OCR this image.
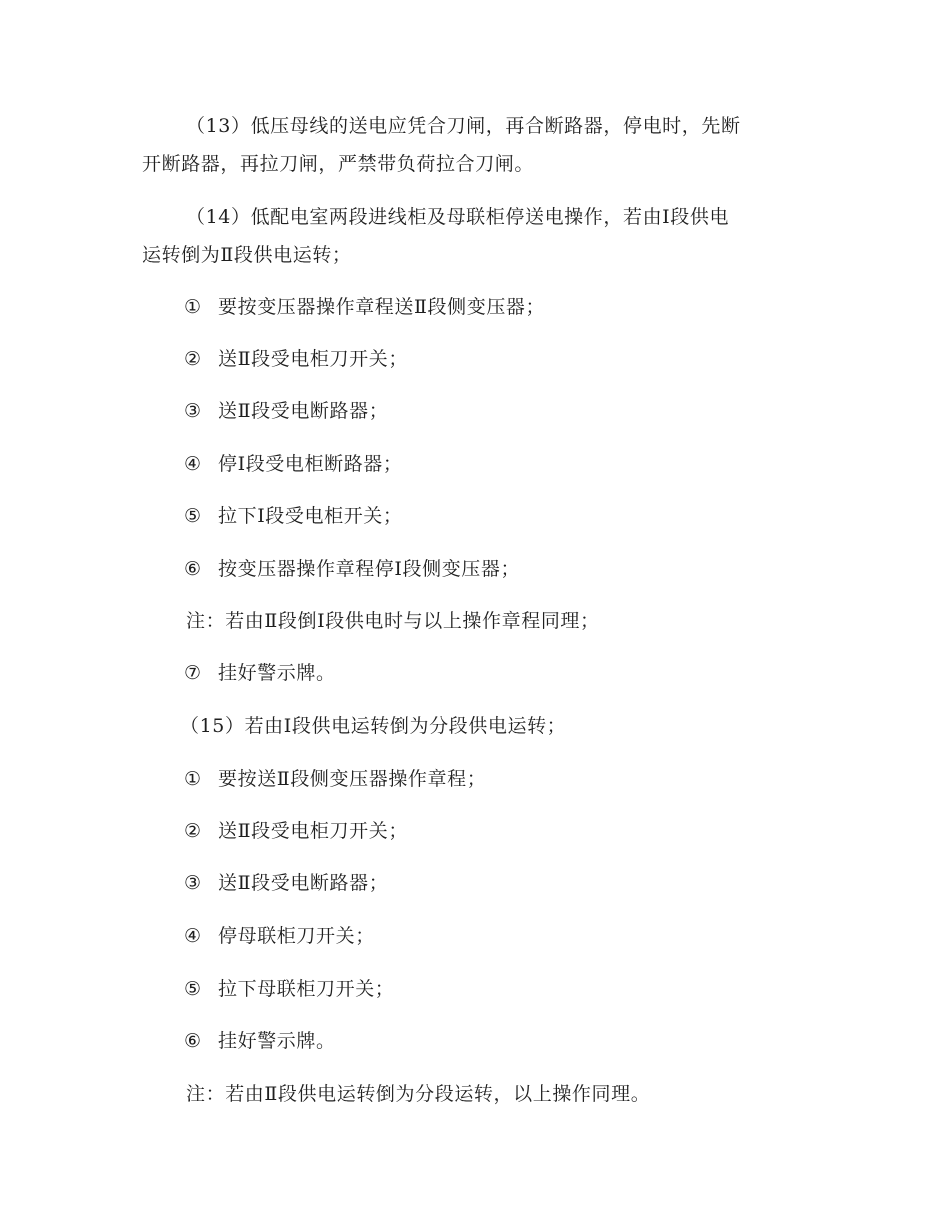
（13）低压母线的送电应凭合刀闸，再合断路器，停电时，先断
开断路器，再拉刀闸，严禁带负荷拉合刀闸。
（14）低配电室两段进线柜及母联柜停送电操作，若由Ⅰ段供电
运转倒为Ⅱ段供电运转；
① 要按变压器操作章程送Ⅱ段侧变压器；
② 送Ⅱ段受电柜刀开关；
③ 送Ⅱ段受电断路器；
④ 停Ⅰ段受电柜断路器；
⑤ 拉下Ⅰ段受电柜开关；
⑥ 按变压器操作章程停Ⅰ段侧变压器；
注：若由Ⅱ段倒Ⅰ段供电时与以上操作章程同理；
⑦ 挂好警示牌。
（15）若由Ⅰ段供电运转倒为分段供电运转；
① 要按送Ⅱ段侧变压器操作章程；
② 送Ⅱ段受电柜刀开关；
③ 送Ⅱ段受电断路器；
④ 停母联柜刀开关；
⑤ 拉下母联柜刀开关；
⑥ 挂好警示牌。
注：若由Ⅱ段供电运转倒为分段运转，以上操作同理。
